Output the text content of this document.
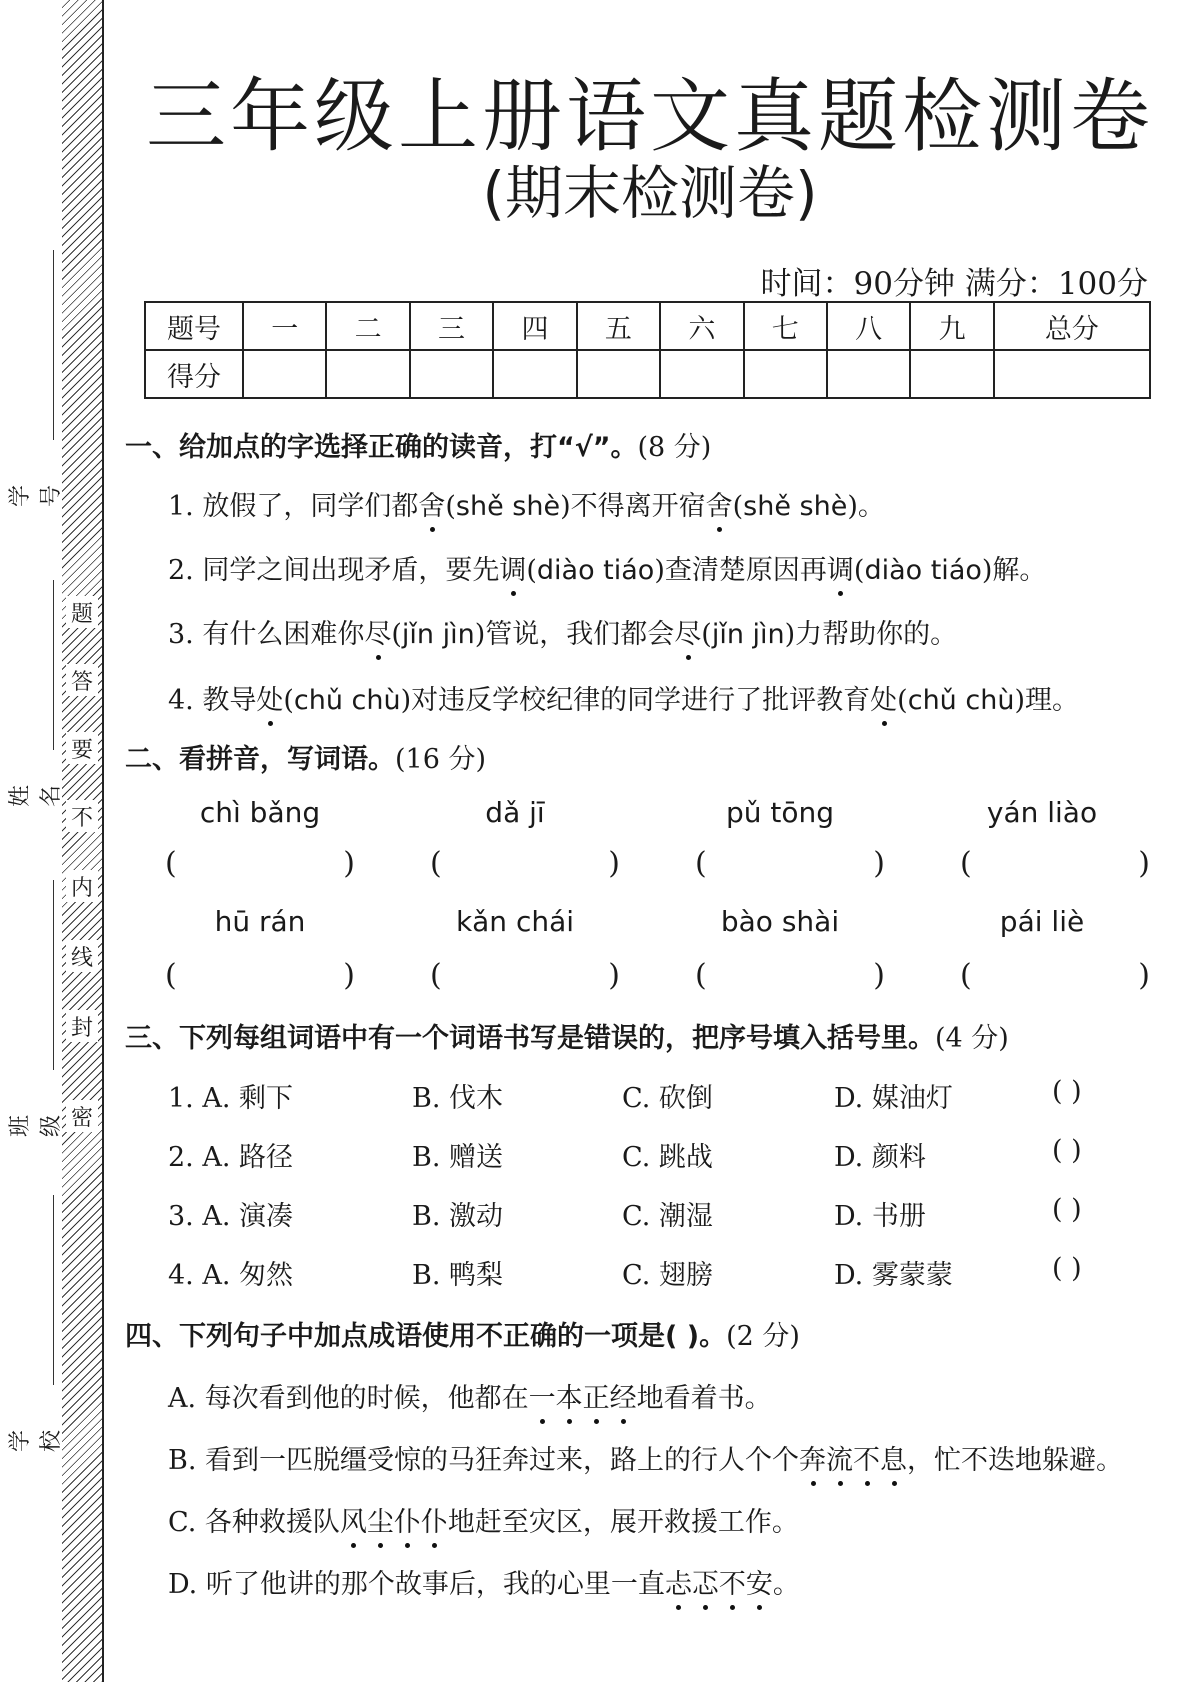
题
答
要
不
内
线
封
密
学号
姓名
班级
学校
三年级上册语文真题检测卷
(期末检测卷)
时间：90分钟 满分：100分
题号	一	二	三	四	五	六	七	八	九	总分
得分										
一、给加点的字选择正确的读音，打“√”。(8 分)
1. 放假了，同学们都舍(shě shè)不得离开宿舍(shě shè)。
2. 同学之间出现矛盾，要先调(diào tiáo)查清楚原因再调(diào tiáo)解。
3. 有什么困难你尽(jǐn jìn)管说，我们都会尽(jǐn jìn)力帮助你的。
4. 教导处(chǔ chù)对违反学校纪律的同学进行了批评教育处(chǔ chù)理。
二、看拼音，写词语。(16 分)
chì bǎng	dǎ jī	pǔ tōng	yán liào
(	)	(	)	(	)	(	)
hū rán	kǎn chái	bào shài	pái liè
(	)	(	)	(	)	(	)
三、下列每组词语中有一个词语书写是错误的，把序号填入括号里。(4 分)
1. A. 剩下	B. 伐木	C. 砍倒	D. 媒油灯	( )
2. A. 路径	B. 赠送	C. 跳战	D. 颜料	( )
3. A. 演凑	B. 激动	C. 潮湿	D. 书册	( )
4. A. 匆然	B. 鸭梨	C. 翅膀	D. 雾蒙蒙	( )
四、下列句子中加点成语使用不正确的一项是( )。(2 分)
A. 每次看到他的时候，他都在一本正经地看着书。
B. 看到一匹脱缰受惊的马狂奔过来，路上的行人个个奔流不息，忙不迭地躲避。
C. 各种救援队风尘仆仆地赶至灾区，展开救援工作。
D. 听了他讲的那个故事后，我的心里一直忐忑不安。
